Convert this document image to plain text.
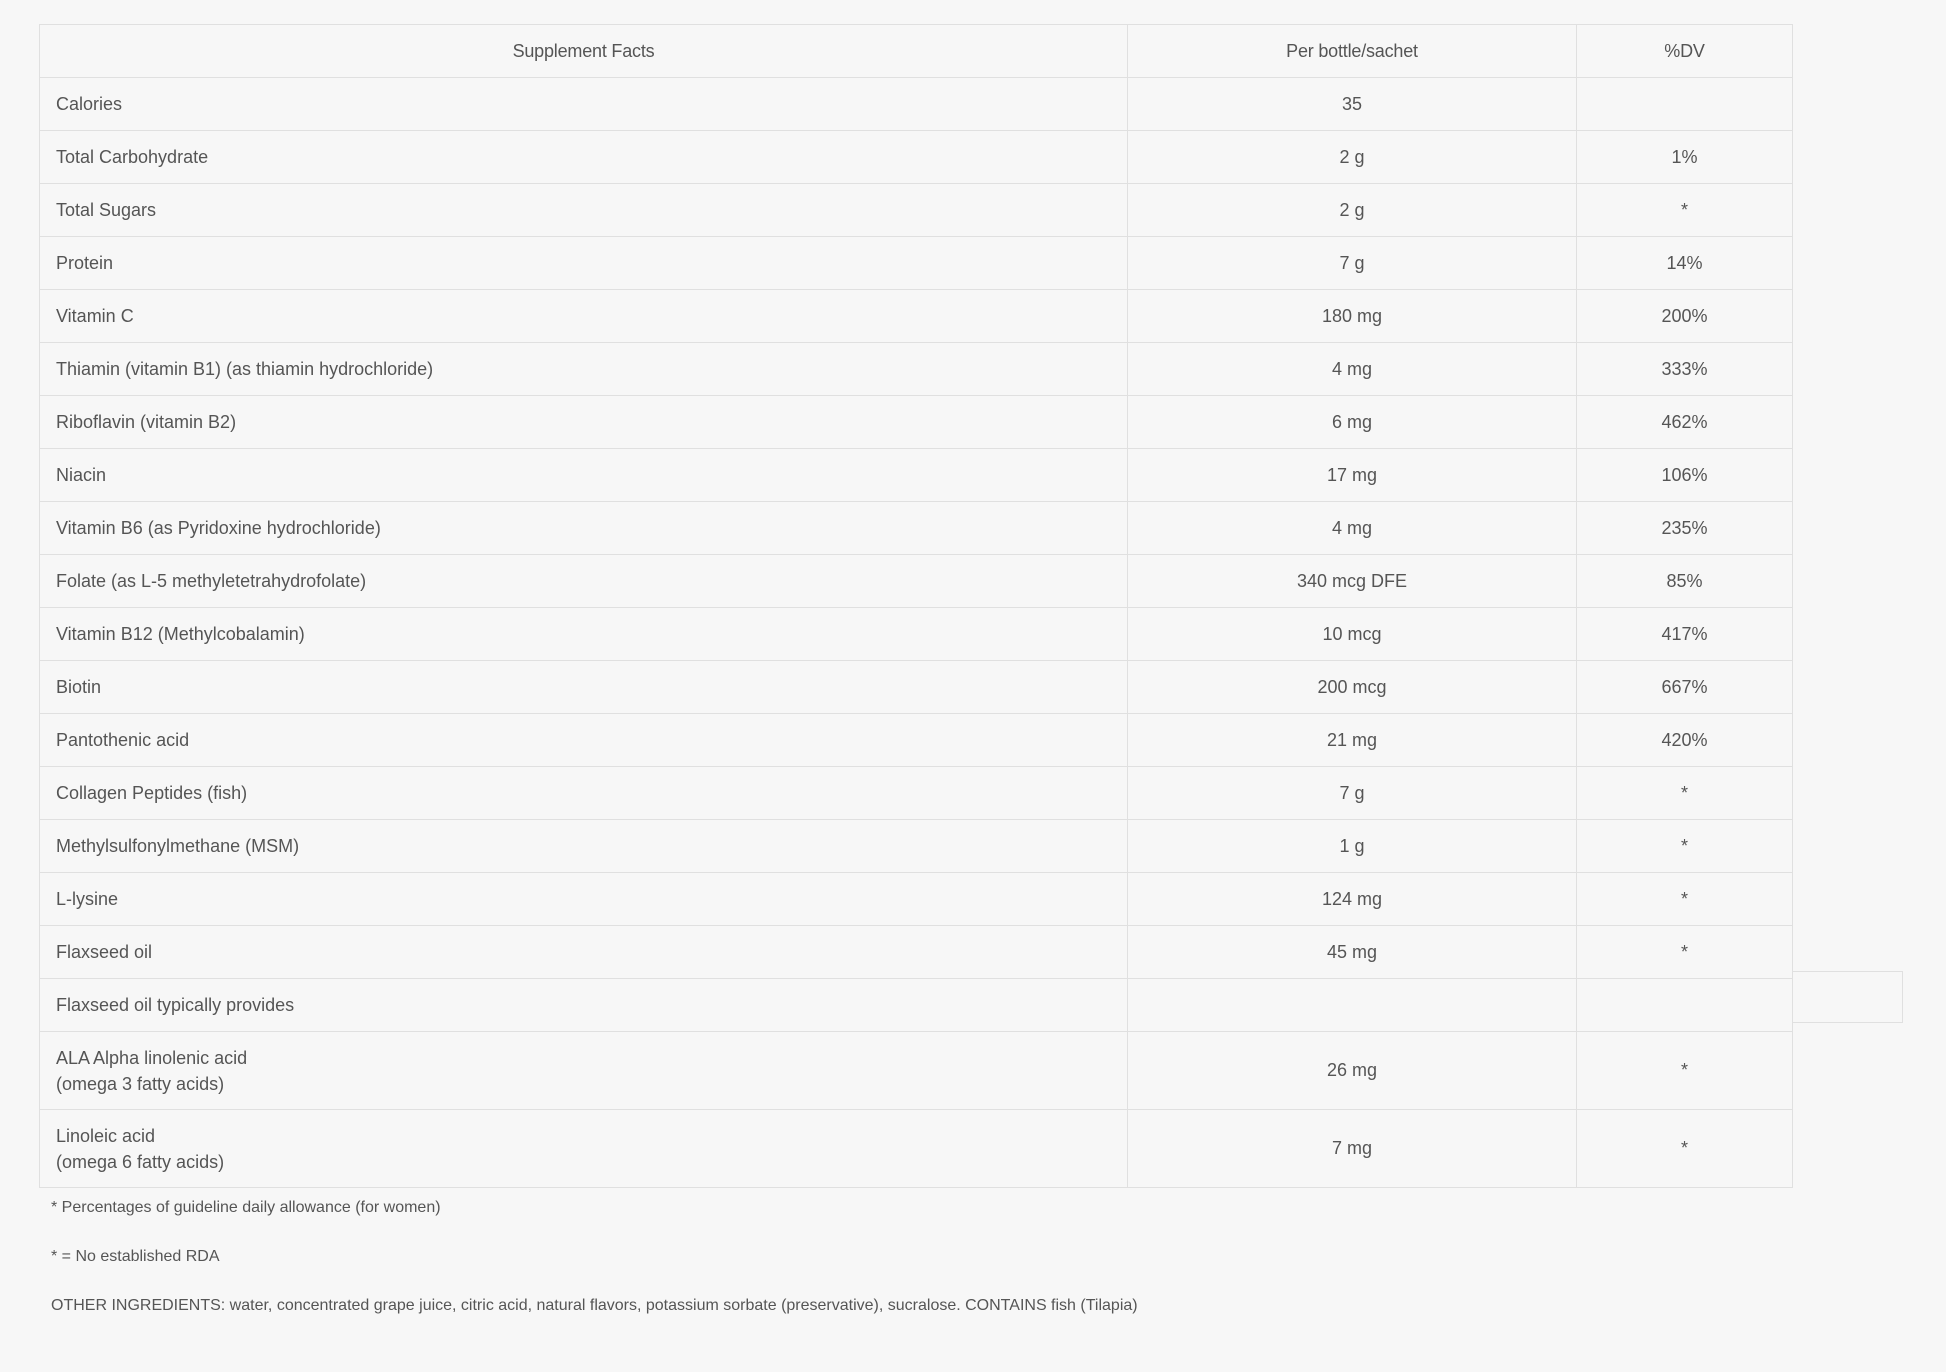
Supplement Facts	Per bottle/sachet	%DV
Calories	35	
Total Carbohydrate	2 g	1%
Total Sugars	2 g	*
Protein	7 g	14%
Vitamin C	180 mg	200%
Thiamin (vitamin B1) (as thiamin hydrochloride)	4 mg	333%
Riboflavin (vitamin B2)	6 mg	462%
Niacin	17 mg	106%
Vitamin B6 (as Pyridoxine hydrochloride)	4 mg	235%
Folate (as L-5 methyletetrahydrofolate)	340 mcg DFE	85%
Vitamin B12 (Methylcobalamin)	10 mcg	417%
Biotin	200 mcg	667%
Pantothenic acid	21 mg	420%
Collagen Peptides (fish)	7 g	*
Methylsulfonylmethane (MSM)	1 g	*
L-lysine	124 mg	*
Flaxseed oil	45 mg	*
Flaxseed oil typically provides		

ALA Alpha linolenic acid
(omega 3 fatty acids)	26 mg	*

Linoleic acid
(omega 6 fatty acids)	7 mg	*
* Percentages of guideline daily allowance (for women)
* = No established RDA
OTHER INGREDIENTS: water, concentrated grape juice, citric acid, natural flavors, potassium sorbate (preservative), sucralose. CONTAINS fish (Tilapia)
